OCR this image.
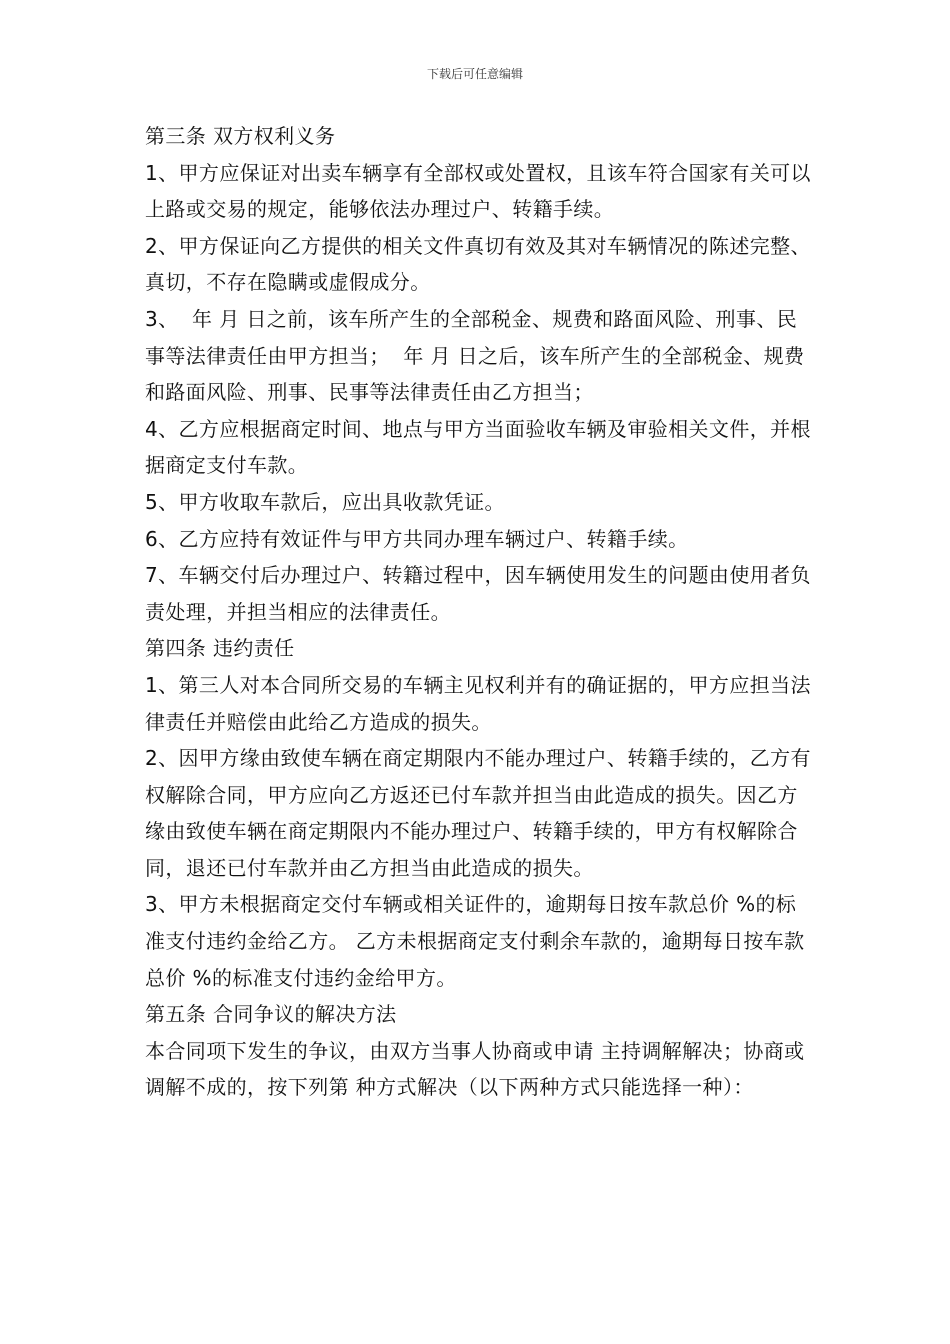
下载后可任意编辑

第三条 双方权利义务

1、甲方应保证对出卖车辆享有全部权或处置权，且该车符合国家有关可以上路或交易的规定，能够依法办理过户、转籍手续。

2、甲方保证向乙方提供的相关文件真切有效及其对车辆情况的陈述完整、真切，不存在隐瞒或虚假成分。

3、  年 月 日之前，该车所产生的全部税金、规费和路面风险、刑事、民事等法律责任由甲方担当；  年 月 日之后，该车所产生的全部税金、规费和路面风险、刑事、民事等法律责任由乙方担当；

4、乙方应根据商定时间、地点与甲方当面验收车辆及审验相关文件，并根据商定支付车款。

5、甲方收取车款后，应出具收款凭证。

6、乙方应持有效证件与甲方共同办理车辆过户、转籍手续。

7、车辆交付后办理过户、转籍过程中，因车辆使用发生的问题由使用者负责处理，并担当相应的法律责任。

第四条 违约责任

1、第三人对本合同所交易的车辆主见权利并有的确证据的，甲方应担当法律责任并赔偿由此给乙方造成的损失。

2、因甲方缘由致使车辆在商定期限内不能办理过户、转籍手续的，乙方有权解除合同，甲方应向乙方返还已付车款并担当由此造成的损失。因乙方缘由致使车辆在商定期限内不能办理过户、转籍手续的，甲方有权解除合同，退还已付车款并由乙方担当由此造成的损失。

3、甲方未根据商定交付车辆或相关证件的，逾期每日按车款总价 %的标准支付违约金给乙方。 乙方未根据商定支付剩余车款的，逾期每日按车款总价 %的标准支付违约金给甲方。

第五条 合同争议的解决方法

本合同项下发生的争议，由双方当事人协商或申请 主持调解解决；协商或调解不成的，按下列第 种方式解决（以下两种方式只能选择一种）：
